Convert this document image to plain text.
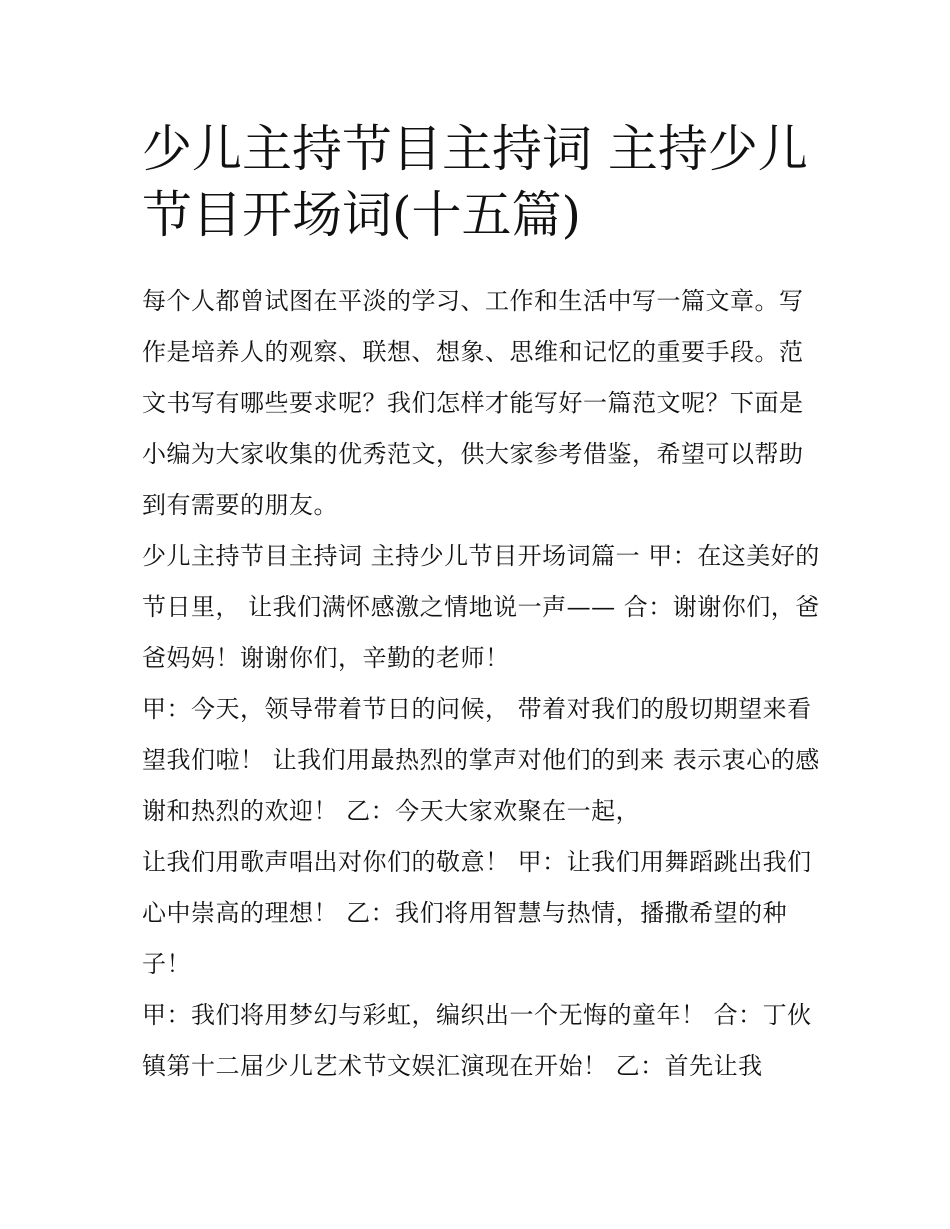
少儿主持节目主持词 主持少儿节目开场词(十五篇)

每个人都曾试图在平淡的学习、工作和生活中写一篇文章。写作是培养人的观察、联想、想象、思维和记忆的重要手段。范文书写有哪些要求呢？我们怎样才能写好一篇范文呢？下面是小编为大家收集的优秀范文，供大家参考借鉴，希望可以帮助到有需要的朋友。

少儿主持节目主持词 主持少儿节目开场词篇一 甲：在这美好的节日里， 让我们满怀感激之情地说一声—— 合：谢谢你们，爸爸妈妈！谢谢你们，辛勤的老师！

甲：今天，领导带着节日的问候， 带着对我们的殷切期望来看望我们啦！ 让我们用最热烈的掌声对他们的到来 表示衷心的感谢和热烈的欢迎！ 乙：今天大家欢聚在一起，

让我们用歌声唱出对你们的敬意！ 甲：让我们用舞蹈跳出我们心中崇高的理想！ 乙：我们将用智慧与热情，播撒希望的种子！

甲：我们将用梦幻与彩虹，编织出一个无悔的童年！ 合：丁伙镇第十二届少儿艺术节文娱汇演现在开始！ 乙：首先让我
